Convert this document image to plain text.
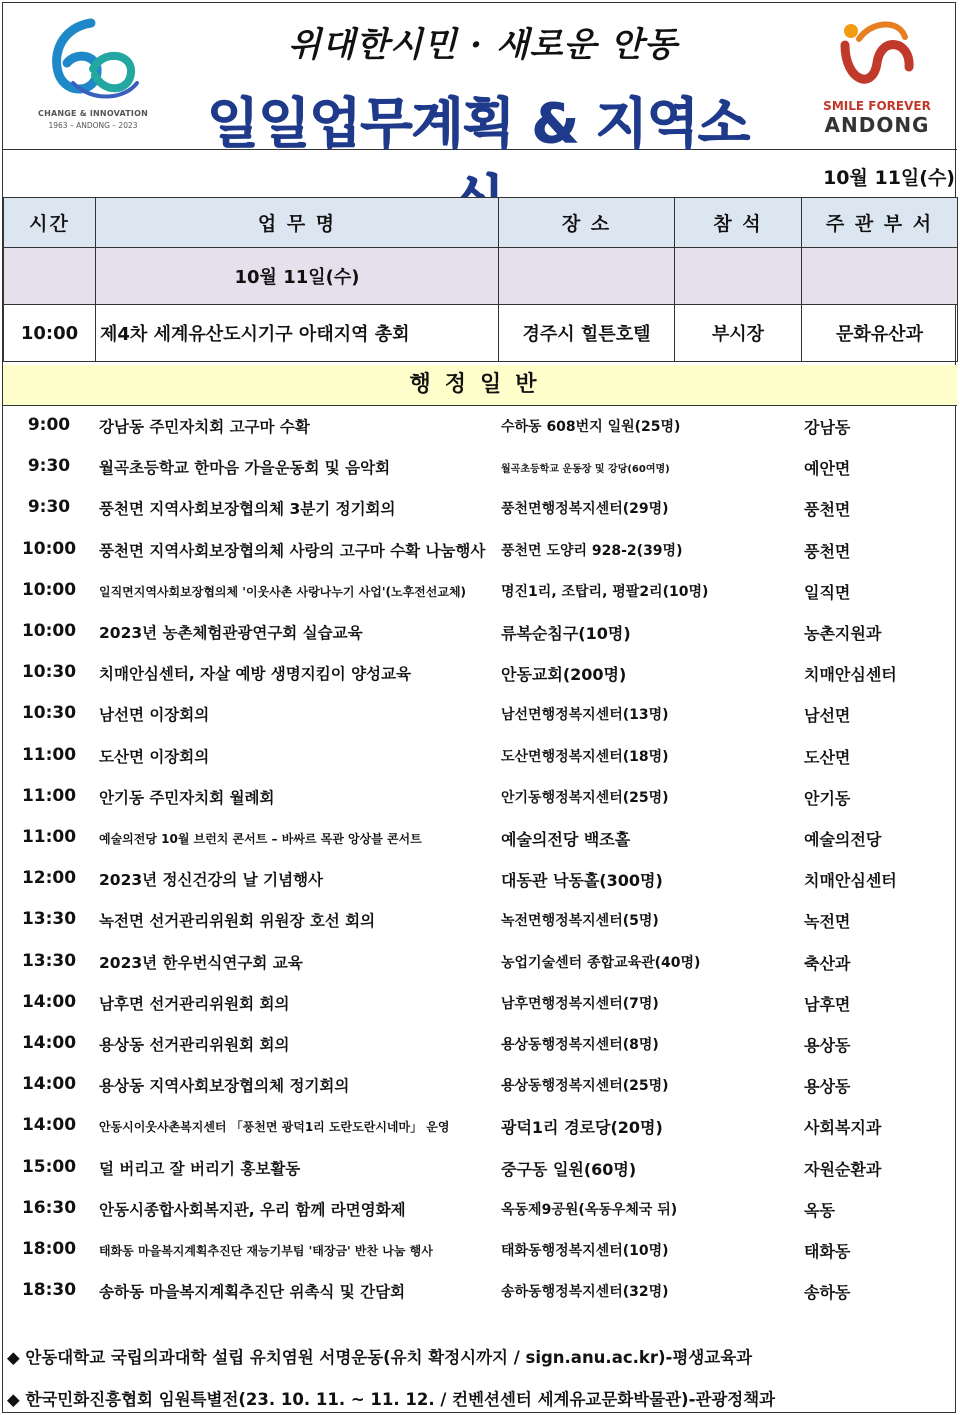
CHANGE & INNOVATION
1963 – ANDONG – 2023
위대한시민 · 새로운 안동
일일업무계획 & 지역소	SMILE FOREVER
ANDONG
10월 11일(수)
시간	업 무 명	장 소	참 석	주 관 부 서
	10월 11일(수)			
10:00	제4차 세계유산도시기구 아태지역 총회	경주시 힐튼호텔	부시장	문화유산과
행정일반
9:00	강남동 주민자치회 고구마 수확	수하동 608번지 일원(25명)	강남동
9:30	월곡초등학교 한마음 가을운동회 및 음악회	월곡초등학교 운동장 및 강당(60여명)	예안면
9:30	풍천면 지역사회보장협의체 3분기 정기회의	풍천면행정복지센터(29명)	풍천면
10:00	풍천면 지역사회보장협의체 사랑의 고구마 수확 나눔행사	풍천면 도양리 928-2(39명)	풍천면
10:00	일직면지역사회보장협의체 '이웃사촌 사랑나누기 사업'(노후전선교체)	명진1리, 조탑리, 평팔2리(10명)	일직면
10:00	2023년 농촌체험관광연구회 실습교육	류복순침구(10명)	농촌지원과
10:30	치매안심센터, 자살 예방 생명지킴이 양성교육	안동교회(200명)	치매안심센터
10:30	남선면 이장회의	남선면행정복지센터(13명)	남선면
11:00	도산면 이장회의	도산면행정복지센터(18명)	도산면
11:00	안기동 주민자치회 월례회	안기동행정복지센터(25명)	안기동
11:00	예술의전당 10월 브런치 콘서트 – 바싸르 목관 앙상블 콘서트	예술의전당 백조홀	예술의전당
12:00	2023년 정신건강의 날 기념행사	대동관 낙동홀(300명)	치매안심센터
13:30	녹전면 선거관리위원회 위원장 호선 회의	녹전면행정복지센터(5명)	녹전면
13:30	2023년 한우번식연구회 교육	농업기술센터 종합교육관(40명)	축산과
14:00	남후면 선거관리위원회 회의	남후면행정복지센터(7명)	남후면
14:00	용상동 선거관리위원회 회의	용상동행정복지센터(8명)	용상동
14:00	용상동 지역사회보장협의체 정기회의	용상동행정복지센터(25명)	용상동
14:00	안동시이웃사촌복지센터 「풍천면 광덕1리 도란도란시네마」 운영	광덕1리 경로당(20명)	사회복지과
15:00	덜 버리고 잘 버리기 홍보활동	중구동 일원(60명)	자원순환과
16:30	안동시종합사회복지관, 우리 함께 라면영화제	옥동제9공원(옥동우체국 뒤)	옥동
18:00	태화동 마을복지계획추진단 재능기부팀 '태장금' 반찬 나눔 행사	태화동행정복지센터(10명)	태화동
18:30	송하동 마을복지계획추진단 위촉식 및 간담회	송하동행정복지센터(32명)	송하동
◆ 안동대학교 국립의과대학 설립 유치염원 서명운동(유치 확정시까지 / sign.anu.ac.kr)-평생교육과
◆ 한국민화진흥협회 임원특별전(23. 10. 11. ~ 11. 12. / 컨벤션센터 세계유교문화박물관)-관광정책과
